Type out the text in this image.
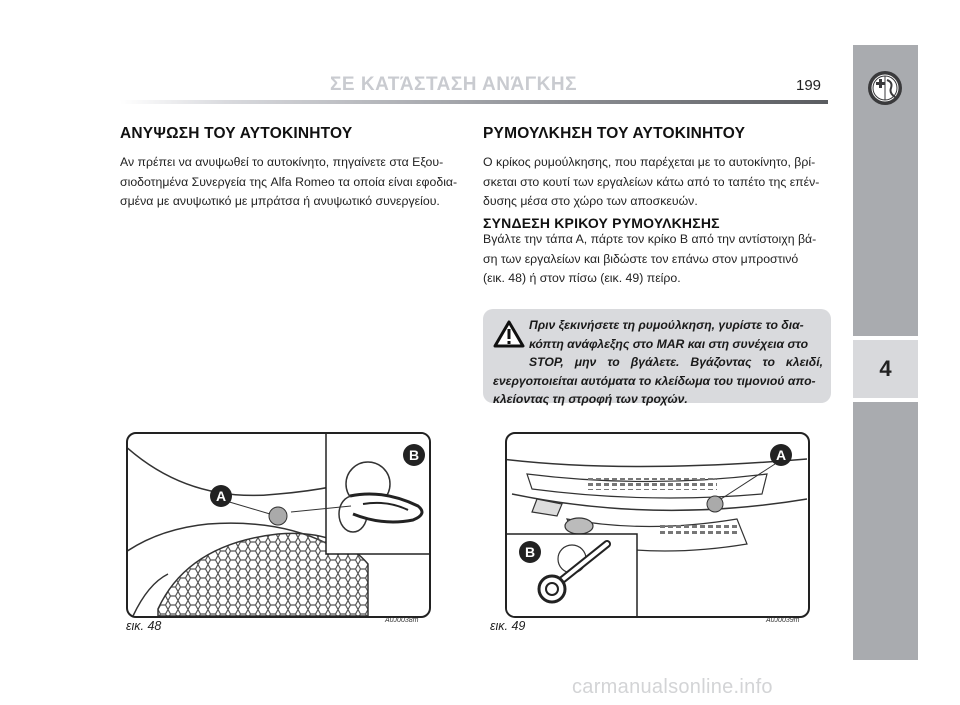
ΣΕ ΚΑΤΆΣΤΑΣΗ ΑΝΆΓΚΗΣ	199
4
ΑΝΥΨΩΣΗ ΤΟΥ ΑΥΤΟΚΙΝΗΤΟΥ
Αν πρέπει να ανυψωθεί το αυτοκίνητο, πηγαίνετε στα Εξου-
σιοδοτημένα Συνεργεία της Alfa Romeo τα οποία είναι εφοδια-
σμένα με ανυψωτικό με μπράτσα ή ανυψωτικό συνεργείου.
ΡΥΜΟΥΛΚΗΣΗ ΤΟΥ ΑΥΤΟΚΙΝΗΤΟΥ
Ο κρίκος ρυμούλκησης, που παρέχεται με το αυτοκίνητο, βρί-
σκεται στο κουτί των εργαλείων κάτω από το ταπέτο της επέν-
δυσης μέσα στο χώρο των αποσκευών.
ΣΥΝΔΕΣΗ ΚΡΙΚΟΥ ΡΥΜΟΥΛΚΗΣΗΣ
Βγάλτε την τάπα Α, πάρτε τον κρίκο Β από την αντίστοιχη βά-
ση των εργαλείων και βιδώστε τον επάνω στον μπροστινό
(εικ. 48) ή στον πίσω (εικ. 49) πείρο.
Πριν ξεκινήσετε τη ρυμούλκηση, γυρίστε το δια-
κόπτη ανάφλεξης στο MAR και στη συνέχεια στο
STOP, μην το βγάλετε. Βγάζοντας το κλειδί,
ενεργοποιείται αυτόματα το κλείδωμα του τιμονιού απο-
κλείοντας τη στροφή των τροχών.
A
B
εικ. 48	A0J0038m
A
B
εικ. 49	A0J0039m
carmanualsonline.info
